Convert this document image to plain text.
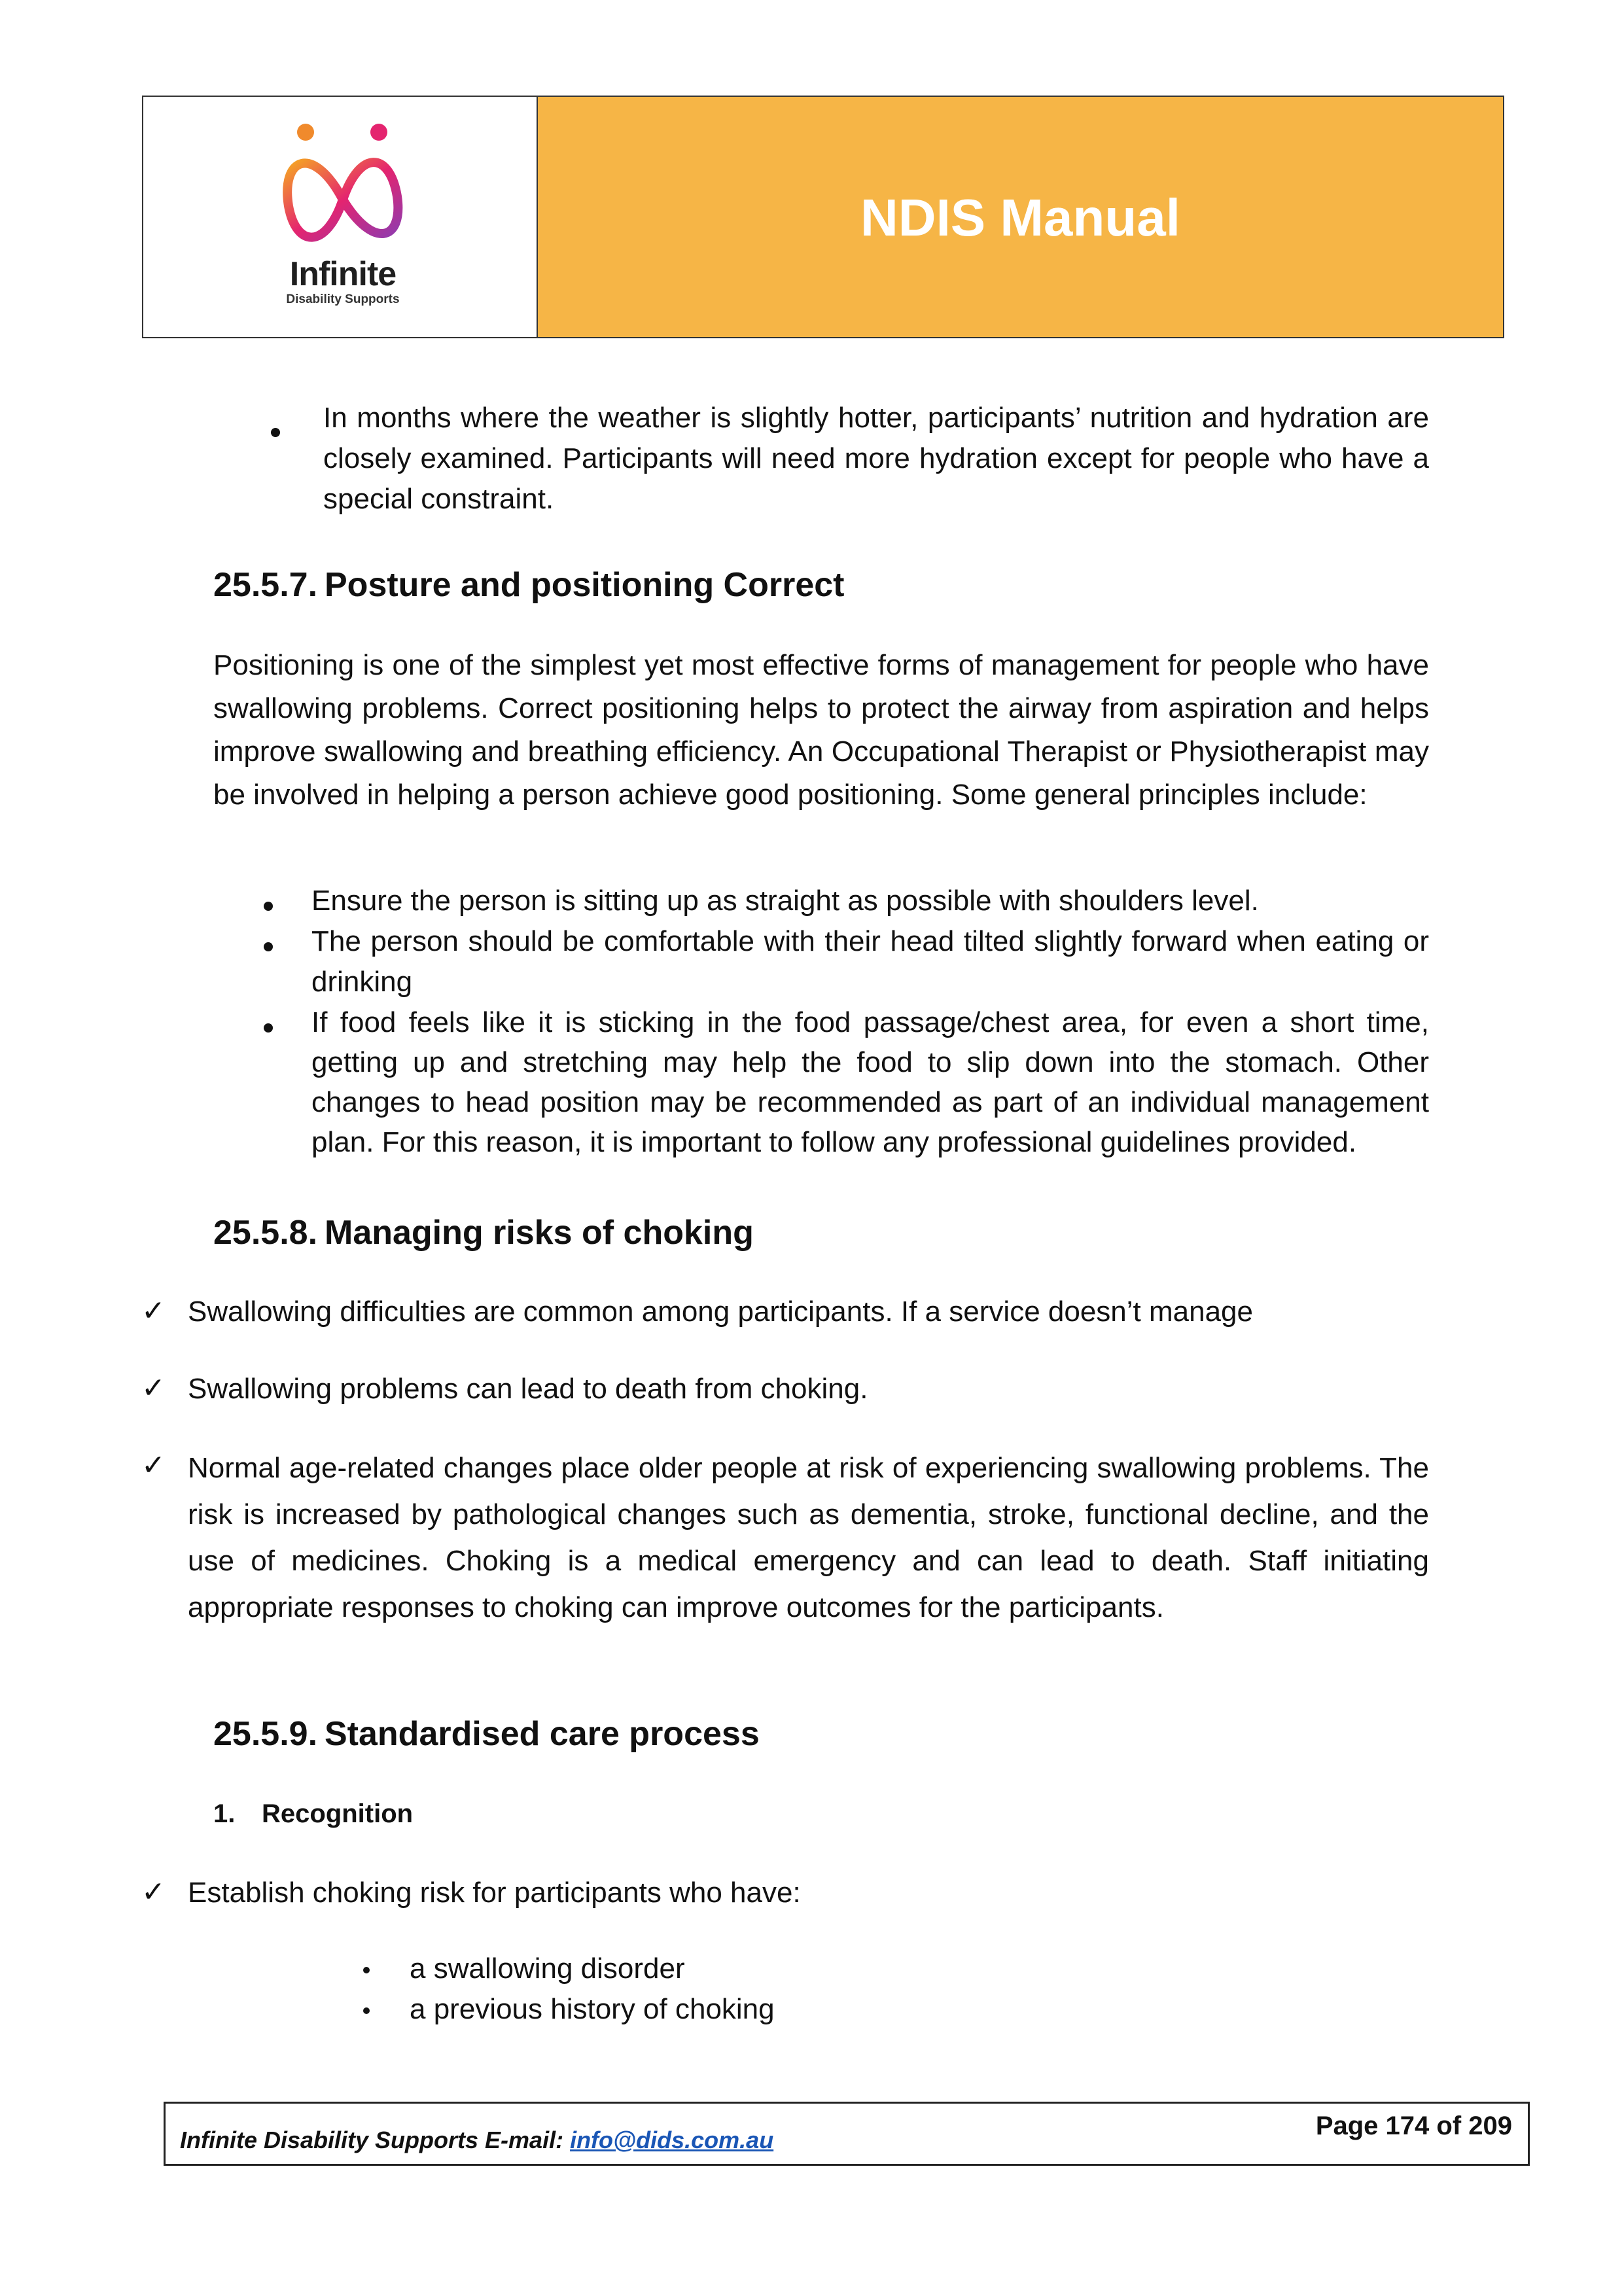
Infinite
Disability Supports
NDIS Manual
In months where the weather is slightly hotter, participants’ nutrition and hydration are closely examined. Participants will need more hydration except for people who have a special constraint.
25.5.7. Posture and positioning Correct
Positioning is one of the simplest yet most effective forms of management for people who have swallowing problems. Correct positioning helps to protect the airway from aspiration and helps improve swallowing and breathing efficiency. An Occupational Therapist or Physiotherapist may be involved in helping a person achieve good positioning. Some general principles include:
Ensure the person is sitting up as straight as possible with shoulders level.
The person should be comfortable with their head tilted slightly forward when eating or drinking
If food feels like it is sticking in the food passage/chest area, for even a short time, getting up and stretching may help the food to slip down into the stomach. Other changes to head position may be recommended as part of an individual management plan. For this reason, it is important to follow any professional guidelines provided.
25.5.8. Managing risks of choking
✓ Swallowing difficulties are common among participants. If a service doesn’t manage
✓ Swallowing problems can lead to death from choking.
✓ Normal age-related changes place older people at risk of experiencing swallowing problems. The risk is increased by pathological changes such as dementia, stroke, functional decline, and the use of medicines. Choking is a medical emergency and can lead to death. Staff initiating appropriate responses to choking can improve outcomes for the participants.
25.5.9. Standardised care process
1. Recognition
✓ Establish choking risk for participants who have:
a swallowing disorder
a previous history of choking
Infinite Disability Supports E-mail: info@dids.com.au	Page 174 of 209
